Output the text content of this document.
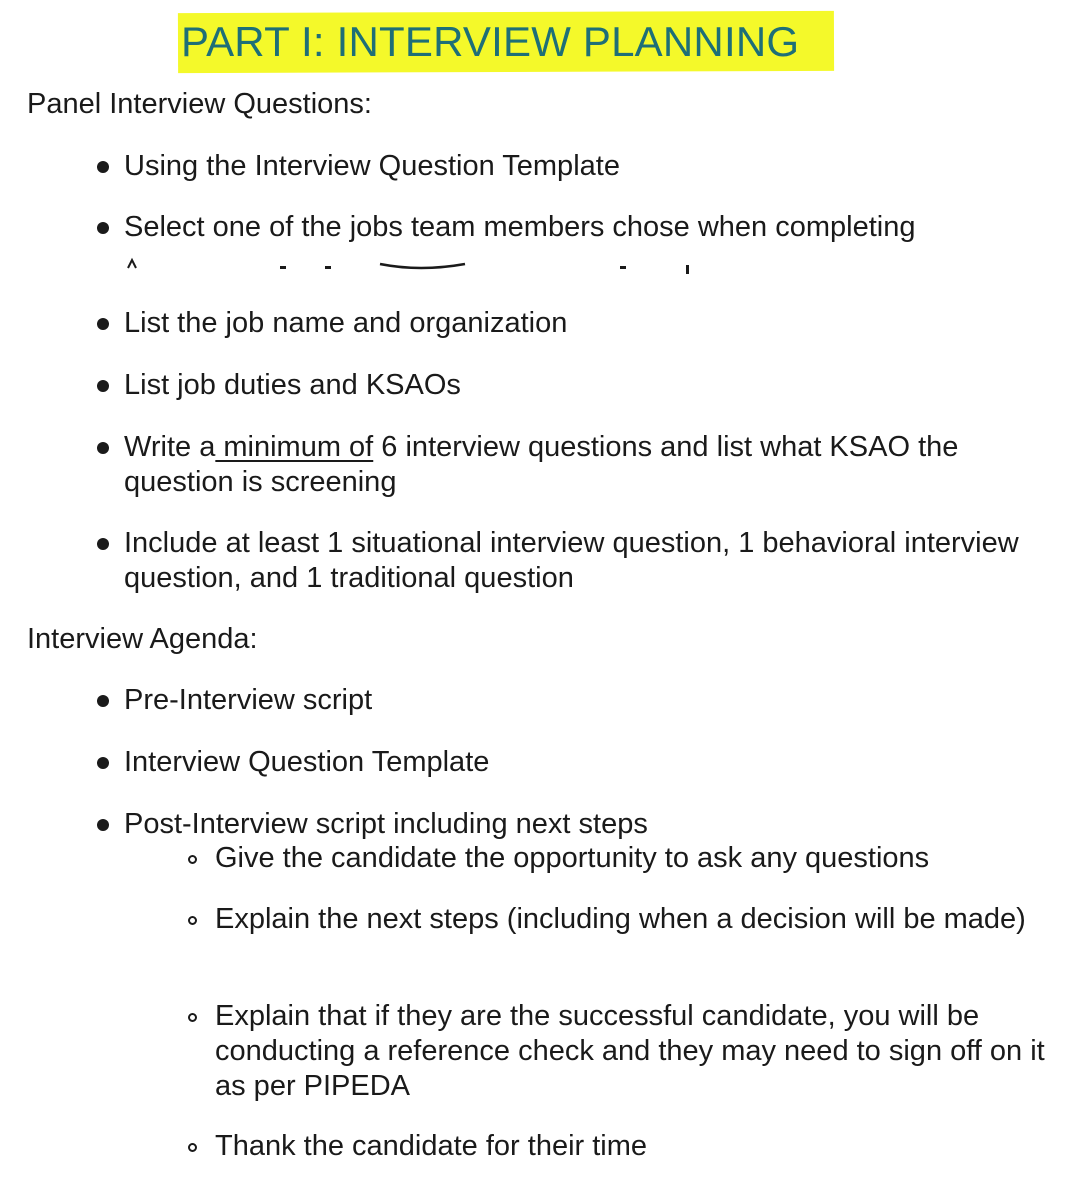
PART I: INTERVIEW PLANNING
Panel Interview Questions:
Using the Interview Question Template
Select one of the jobs team members chose when completing
List the job name and organization
List job duties and KSAOs
Write a minimum of 6 interview questions and list what KSAO the question is screening
Include at least 1 situational interview question, 1 behavioral interview question, and 1 traditional question
Interview Agenda:
Pre-Interview script
Interview Question Template
Post-Interview script including next steps
Give the candidate the opportunity to ask any questions
Explain the next steps (including when a decision will be made)
Explain that if they are the successful candidate, you will be conducting a reference check and they may need to sign off on it as per PIPEDA
Thank the candidate for their time
